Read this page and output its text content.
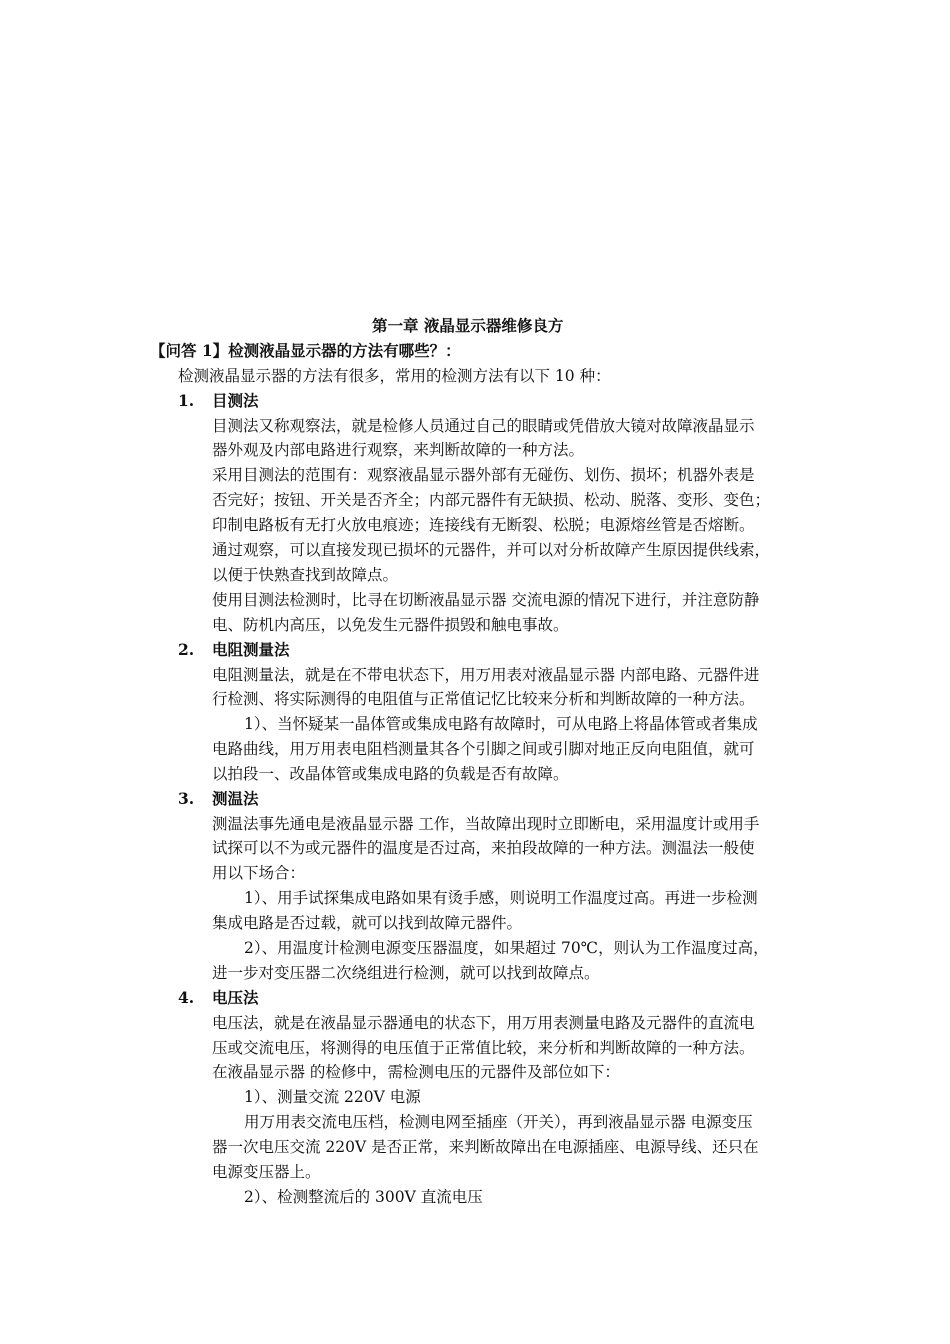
第一章 液晶显示器维修良方
【问答 1】检测液晶显示器的方法有哪些？：
检测液晶显示器的方法有很多，常用的检测方法有以下 10 种：
1. 目测法
目测法又称观察法，就是检修人员通过自己的眼睛或凭借放大镜对故障液晶显示
器外观及内部电路进行观察，来判断故障的一种方法。
采用目测法的范围有：观察液晶显示器外部有无碰伤、划伤、损坏；机器外表是
否完好；按钮、开关是否齐全；内部元器件有无缺损、松动、脱落、变形、变色；
印制电路板有无打火放电痕迹；连接线有无断裂、松脱；电源熔丝管是否熔断。
通过观察，可以直接发现已损坏的元器件，并可以对分析故障产生原因提供线索，
以便于快熟查找到故障点。
使用目测法检测时，比寻在切断液晶显示器 交流电源的情况下进行，并注意防静
电、防机内高压，以免发生元器件损毁和触电事故。
2. 电阻测量法
电阻测量法，就是在不带电状态下，用万用表对液晶显示器 内部电路、元器件进
行检测、将实际测得的电阻值与正常值记忆比较来分析和判断故障的一种方法。
1）、当怀疑某一晶体管或集成电路有故障时，可从电路上将晶体管或者集成
电路曲线，用万用表电阻档测量其各个引脚之间或引脚对地正反向电阻值，就可
以拍段一、改晶体管或集成电路的负载是否有故障。
3. 测温法
测温法事先通电是液晶显示器 工作，当故障出现时立即断电，采用温度计或用手
试探可以不为或元器件的温度是否过高，来拍段故障的一种方法。测温法一般使
用以下场合：
1）、用手试探集成电路如果有烫手感，则说明工作温度过高。再进一步检测
集成电路是否过载，就可以找到故障元器件。
2）、用温度计检测电源变压器温度，如果超过 70℃，则认为工作温度过高，
进一步对变压器二次绕组进行检测，就可以找到故障点。
4. 电压法
电压法，就是在液晶显示器通电的状态下，用万用表测量电路及元器件的直流电
压或交流电压，将测得的电压值于正常值比较，来分析和判断故障的一种方法。
在液晶显示器 的检修中，需检测电压的元器件及部位如下：
1）、测量交流 220V 电源
用万用表交流电压档，检测电网至插座（开关），再到液晶显示器 电源变压
器一次电压交流 220V 是否正常，来判断故障出在电源插座、电源导线、还只在
电源变压器上。
2）、检测整流后的 300V 直流电压
